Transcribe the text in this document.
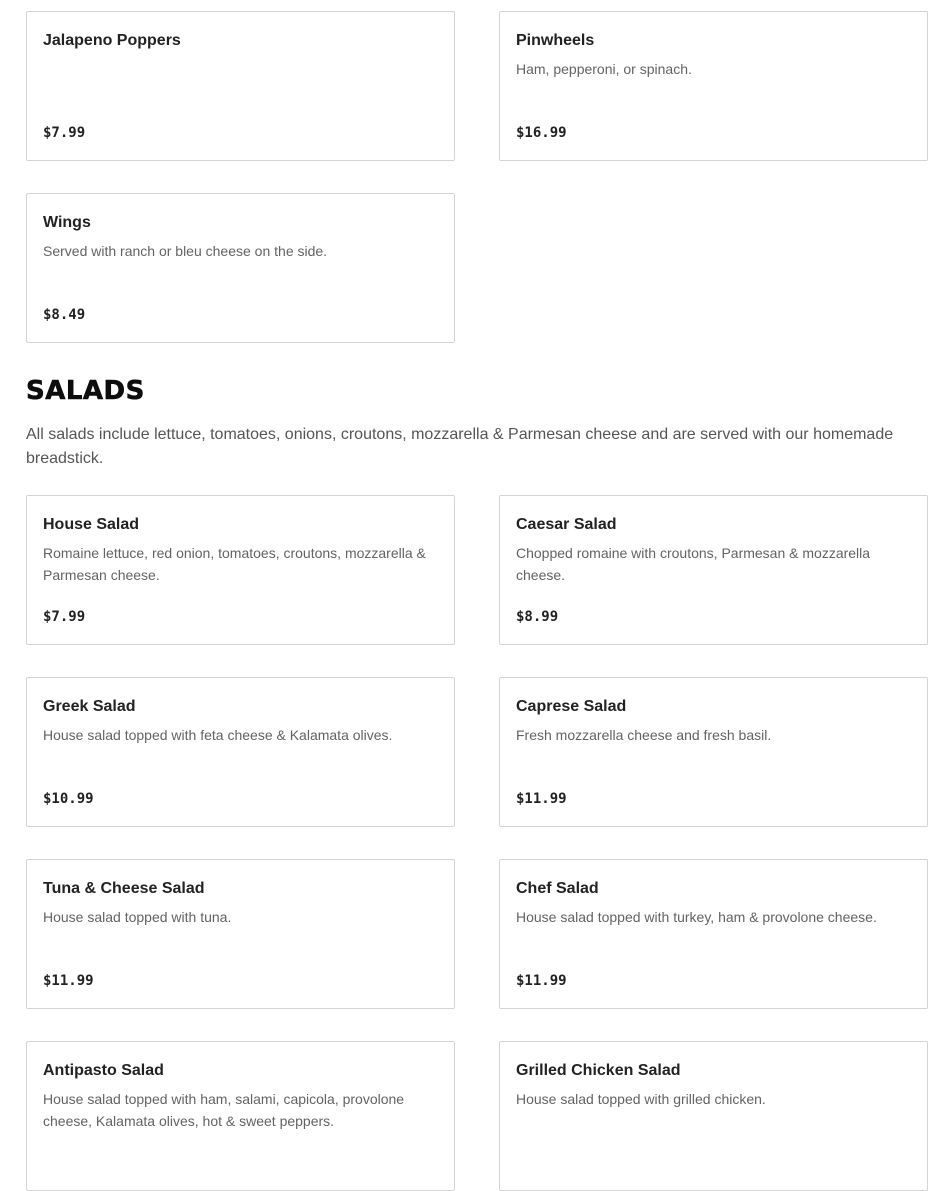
Jalapeno Poppers

$7.99

Pinwheels

Ham, pepperoni, or spinach.

$16.99

Wings

Served with ranch or bleu cheese on the side.

$8.49
SALADS

All salads include lettuce, tomatoes, onions, croutons, mozzarella & Parmesan cheese and are served with our homemade breadstick.

House Salad

Romaine lettuce, red onion, tomatoes, croutons, mozzarella & Parmesan cheese.

$7.99

Caesar Salad

Chopped romaine with croutons, Parmesan & mozzarella cheese.

$8.99

Greek Salad

House salad topped with feta cheese & Kalamata olives.

$10.99

Caprese Salad

Fresh mozzarella cheese and fresh basil.

$11.99

Tuna & Cheese Salad

House salad topped with tuna.

$11.99

Chef Salad

House salad topped with turkey, ham & provolone cheese.

$11.99

Antipasto Salad

House salad topped with ham, salami, capicola, provolone cheese, Kalamata olives, hot & sweet peppers.

Grilled Chicken Salad

House salad topped with grilled chicken.
